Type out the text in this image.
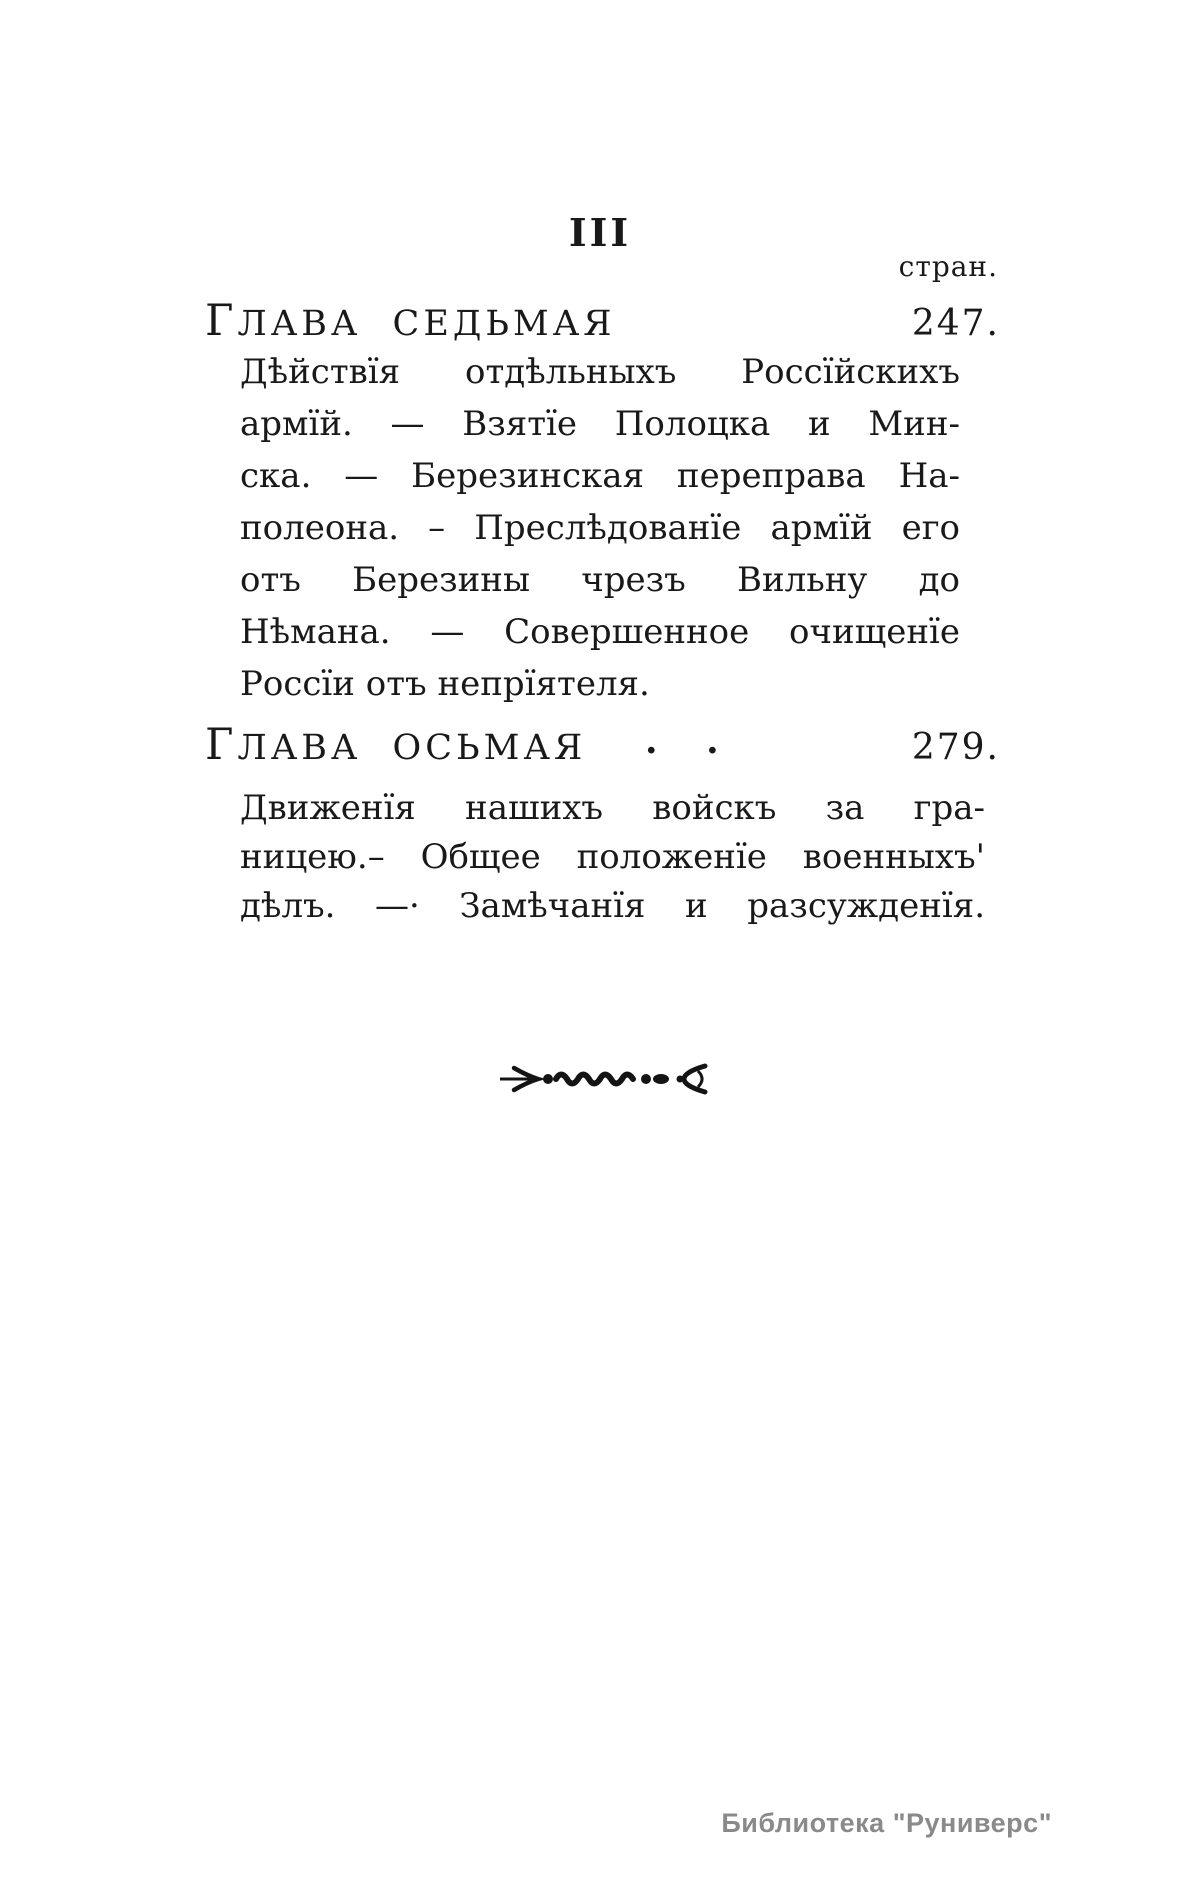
III
стран.
ГЛАВА СЕДЬМАЯ	247.
Дѣйствїя отдѣльныхъ Россїйскихъ
армїй. — Взятїе Полоцка и Мин-
ска. — Березинская переправа На-
полеона. – Преслѣдованїе армїй его
отъ Березины чрезъ Вильну до
Нѣмана. — Совершенное очищенїе
Россїи отъ непрїятеля.
ГЛАВА ОСЬМАЯ . .	279.
Движенїя нашихъ войскъ за гра-
ницею.– Общее положенїе военныхъ'
дѣлъ. —· Замѣчанїя и разсужденїя.
Библиотека "Руниверс"
